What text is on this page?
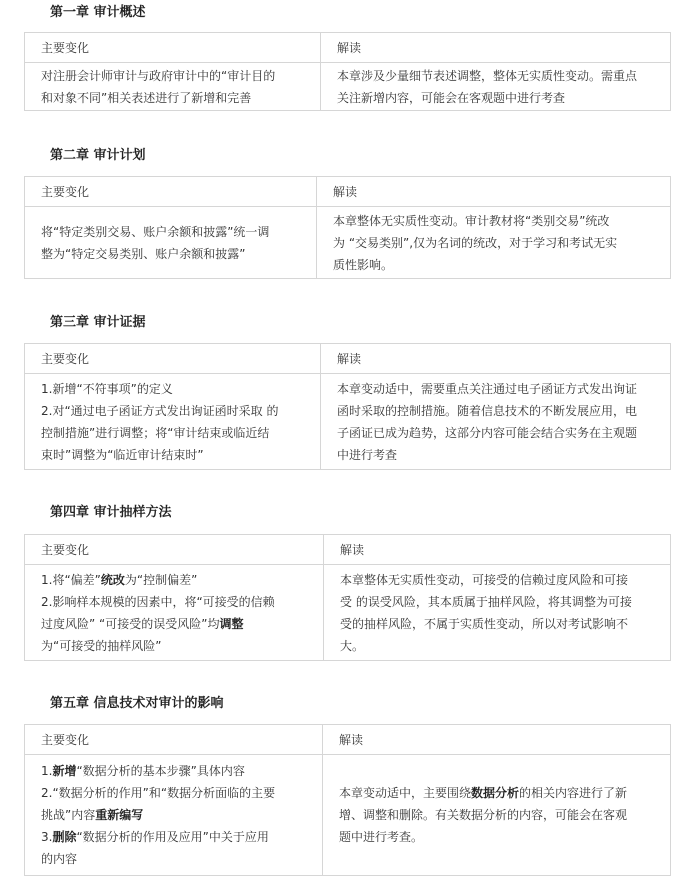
第一章 审计概述
主要变化	解读

对注册会计师审计与政府审计中的“审计目的
和对象不同”相关表述进行了新增和完善	本章涉及少量细节表述调整，整体无实质性变动。需重点
关注新增内容，可能会在客观题中进行考查
第二章 审计计划
主要变化	解读

将“特定类别交易、账户余额和披露”统一调
整为“特定交易类别、账户余额和披露”	本章整体无实质性变动。审计教材将“类别交易”统改
为 “交易类别”,仅为名词的统改，对于学习和考试无实
质性影响。
第三章 审计证据
主要变化	解读

1.新增“不符事项”的定义
2.对“通过电子函证方式发出询证函时采取 的
控制措施”进行调整；将“审计结束或临近结
束时”调整为“临近审计结束时”	本章变动适中，需要重点关注通过电子函证方式发出询证
函时采取的控制措施。随着信息技术的不断发展应用，电
子函证已成为趋势，这部分内容可能会结合实务在主观题
中进行考查
第四章 审计抽样方法
主要变化	解读

1.将“偏差”统改为“控制偏差”
2.影响样本规模的因素中，将“可接受的信赖
过度风险” “可接受的误受风险”均调整
为“可接受的抽样风险”	本章整体无实质性变动，可接受的信赖过度风险和可接
受 的误受风险，其本质属于抽样风险，将其调整为可接
受的抽样风险，不属于实质性变动，所以对考试影响不
大。
第五章 信息技术对审计的影响
主要变化	解读

1.新增“数据分析的基本步骤”具体内容
2.“数据分析的作用”和“数据分析面临的主要
挑战”内容重新编写
3.删除“数据分析的作用及应用”中关于应用
的内容	本章变动适中，主要围绕数据分析的相关内容进行了新
增、调整和删除。有关数据分析的内容，可能会在客观
题中进行考查。
